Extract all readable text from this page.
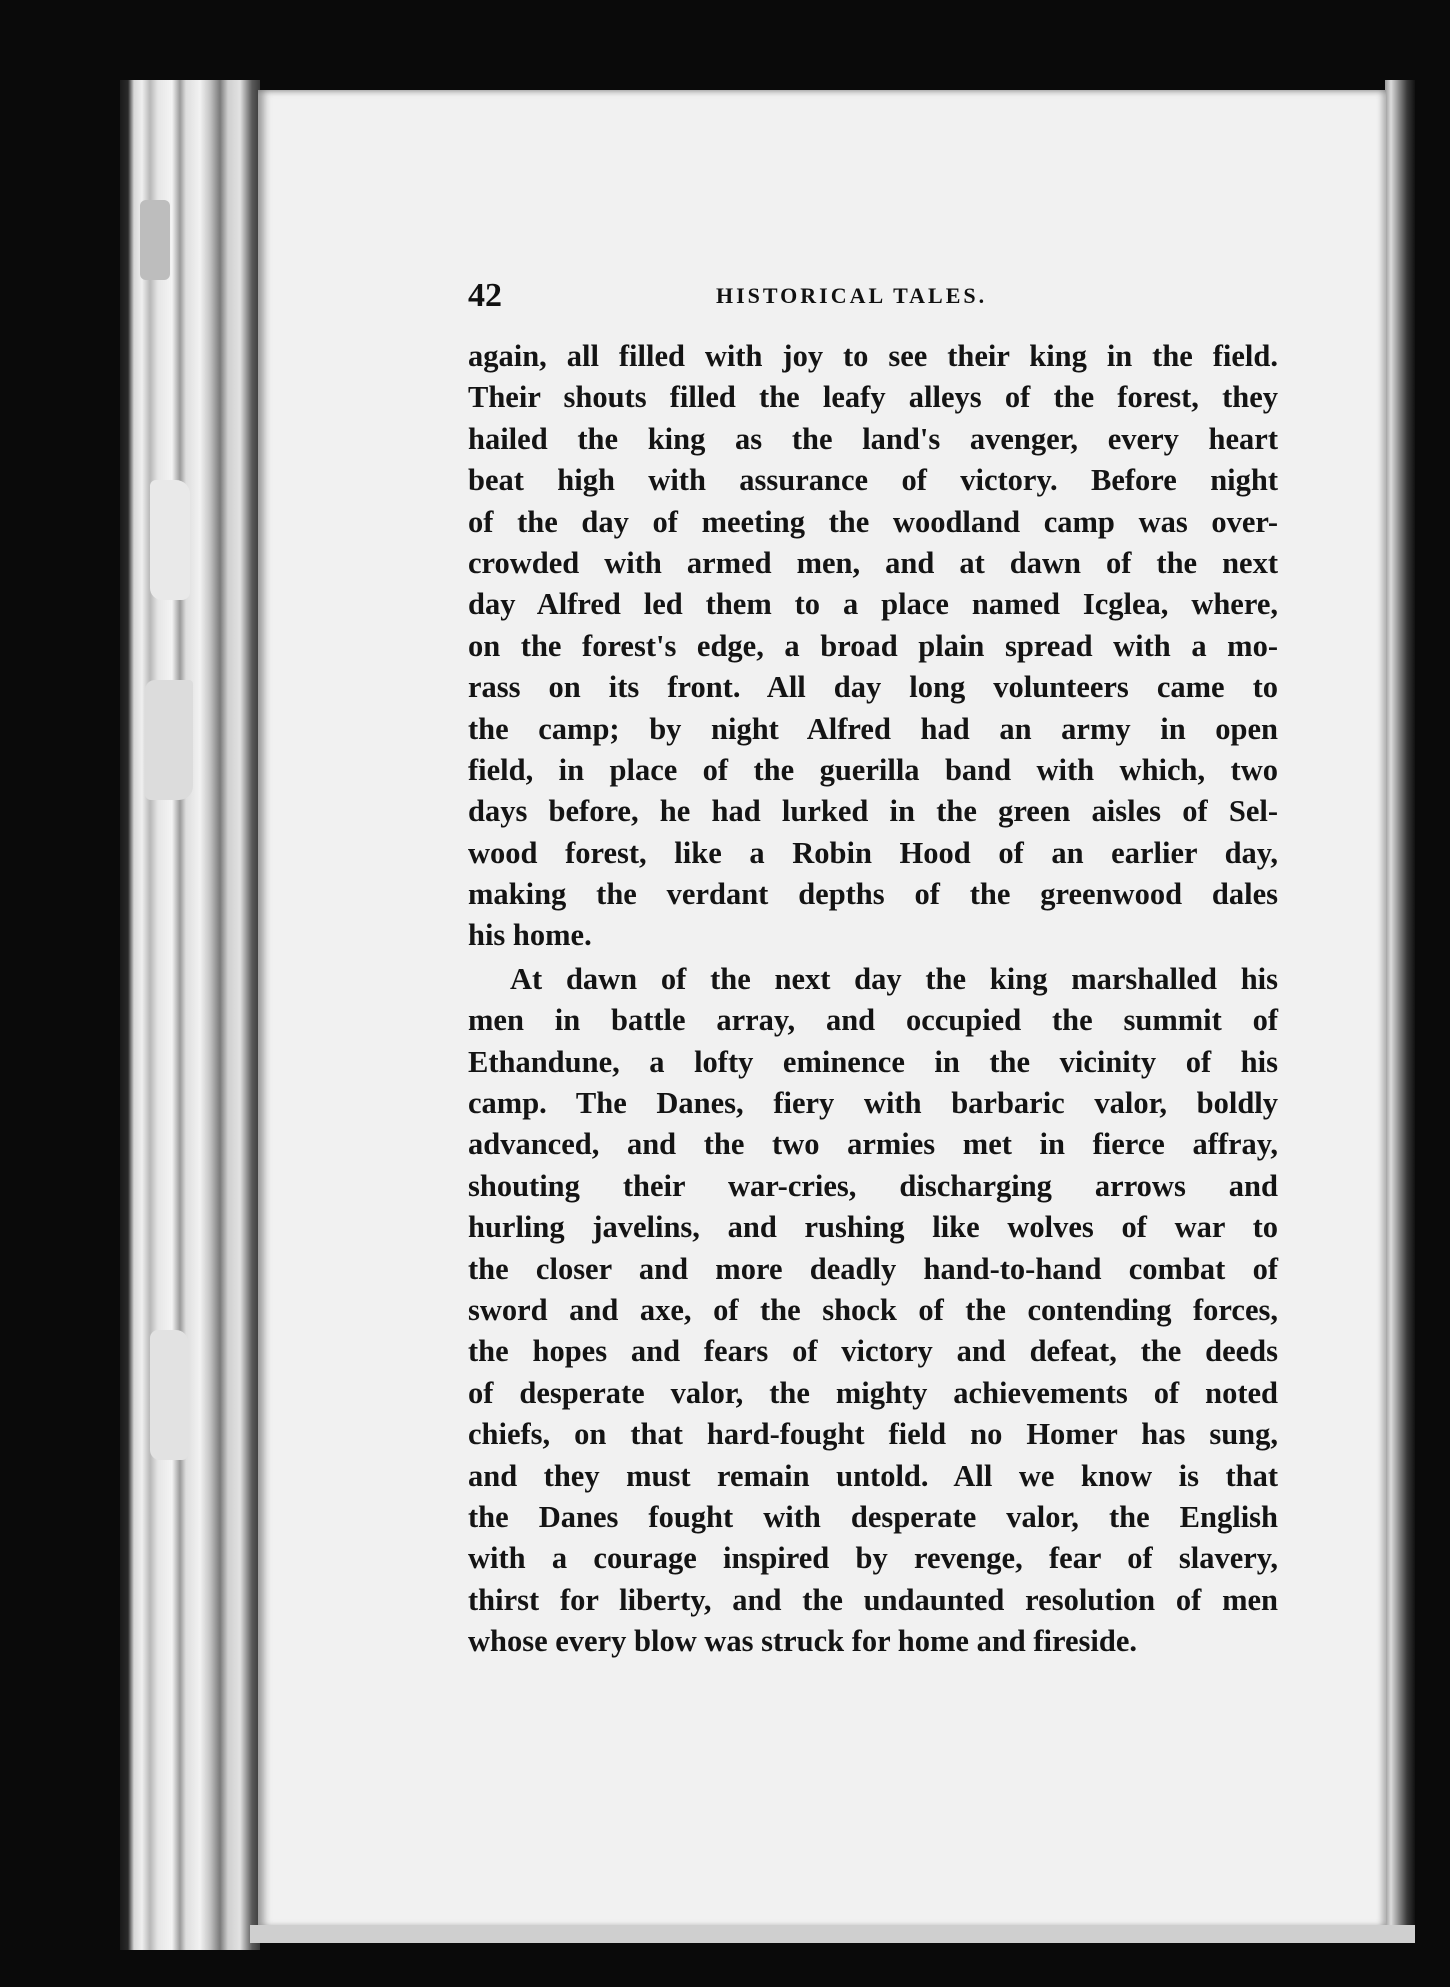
42	HISTORICAL TALES.
again, all filled with joy to see their king in the field.
Their shouts filled the leafy alleys of the forest, they
hailed the king as the land's avenger, every heart
beat high with assurance of victory. Before night
of the day of meeting the woodland camp was over-
crowded with armed men, and at dawn of the next
day Alfred led them to a place named Icglea, where,
on the forest's edge, a broad plain spread with a mo-
rass on its front. All day long volunteers came to
the camp; by night Alfred had an army in open
field, in place of the guerilla band with which, two
days before, he had lurked in the green aisles of Sel-
wood forest, like a Robin Hood of an earlier day,
making the verdant depths of the greenwood dales
his home.
At dawn of the next day the king marshalled his
men in battle array, and occupied the summit of
Ethandune, a lofty eminence in the vicinity of his
camp. The Danes, fiery with barbaric valor, boldly
advanced, and the two armies met in fierce affray,
shouting their war-cries, discharging arrows and
hurling javelins, and rushing like wolves of war to
the closer and more deadly hand-to-hand combat of
sword and axe, of the shock of the contending forces,
the hopes and fears of victory and defeat, the deeds
of desperate valor, the mighty achievements of noted
chiefs, on that hard-fought field no Homer has sung,
and they must remain untold. All we know is that
the Danes fought with desperate valor, the English
with a courage inspired by revenge, fear of slavery,
thirst for liberty, and the undaunted resolution of men
whose every blow was struck for home and fireside.
